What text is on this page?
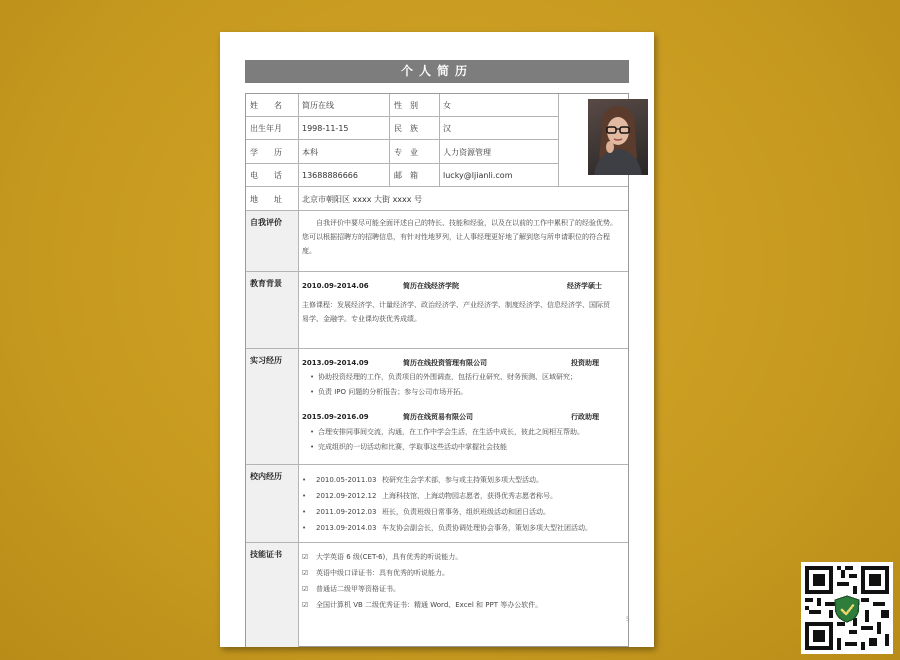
个人简历
姓　　名	简历在线	性　别	女
出生年月	1998-11-15	民　族	汉
学　　历	本科	专　业	人力资源管理
电　　话	13688886666	邮　箱	lucky@ljianli.com
地　　址	北京市朝阳区 xxxx 大街 xxxx 号
自我评价	　　自我评价中要尽可能全面评述自己的特长、技能和经验，以及在以前的工作中累积了的经验优势。
您可以根据招聘方的招聘信息，有针对性地罗列，让人事经理更好地了解到您与所申请职位的符合程
度。
教育背景	2010.09-2014.06	简历在线经济学院	经济学硕士
主修课程：发展经济学、计量经济学、政治经济学、产业经济学、制度经济学、信息经济学、国际贸
易学、金融学。专业课均获优秀成绩。
实习经历	2013.09-2014.09	简历在线投资管理有限公司	投资助理
• 协助投资经理的工作，负责项目的外围调查，包括行业研究、财务预测、区域研究；
• 负责 IPO 问题的分析报告；参与公司市场开拓。
2015.09-2016.09	简历在线贸易有限公司	行政助理
• 合理安排同事间交流，沟通，在工作中学会生活，在生活中成长，彼此之间相互帮助。
• 完成组织的一切活动和比赛，学取事这些活动中掌握社会技能
校内经历	• 2010.05-2011.03 校研究生会学术部，参与或主持策划多项大型活动。
• 2012.09-2012.12 上海科技馆、上海动物园志愿者，获得优秀志愿者称号。
• 2011.09-2012.03 班长，负责班级日常事务，组织班级活动和团日活动。
• 2013.09-2014.03 车友协会副会长，负责协调处理协会事务，策划多项大型社团活动。
技能证书	☑ 大学英语 6 级(CET-6)，具有优秀的听说能力。
☑ 英语中级口译证书：具有优秀的听说能力。
☑ 普通话二级甲等资格证书。
☑ 全国计算机 VB 二级优秀证书：精通 Word、Excel 和 PPT 等办公软件。
5
